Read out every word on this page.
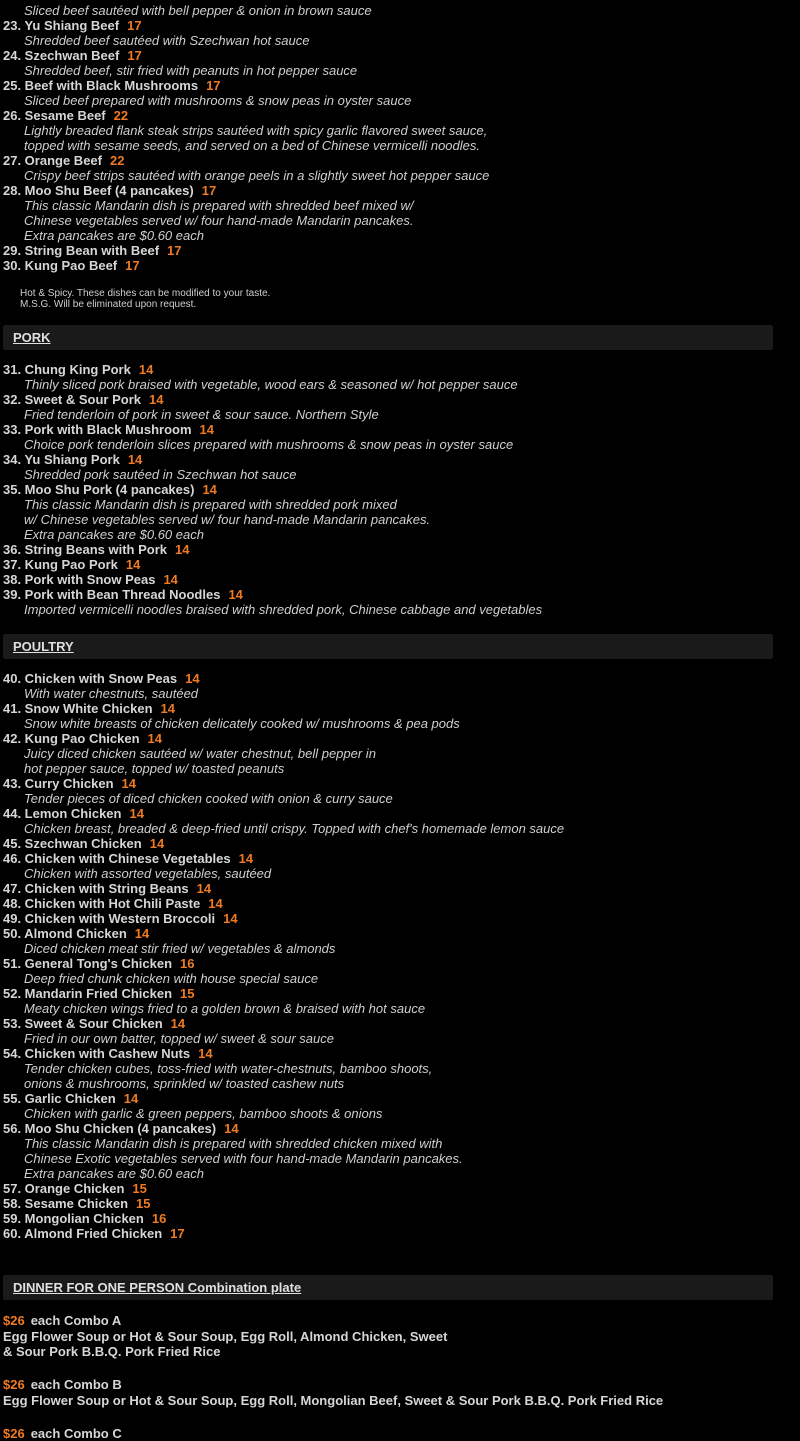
Sliced beef sautéed with bell pepper & onion in brown sauce
23. Yu Shiang Beef 17
Shredded beef sautéed with Szechwan hot sauce
24. Szechwan Beef 17
Shredded beef, stir fried with peanuts in hot pepper sauce
25. Beef with Black Mushrooms 17
Sliced beef prepared with mushrooms & snow peas in oyster sauce
26. Sesame Beef 22
Lightly breaded flank steak strips sautéed with spicy garlic flavored sweet sauce,
topped with sesame seeds, and served on a bed of Chinese vermicelli noodles.
27. Orange Beef 22
Crispy beef strips sautéed with orange peels in a slightly sweet hot pepper sauce
28. Moo Shu Beef (4 pancakes) 17
This classic Mandarin dish is prepared with shredded beef mixed w/
Chinese vegetables served w/ four hand-made Mandarin pancakes.
Extra pancakes are $0.60 each
29. String Bean with Beef 17
30. Kung Pao Beef 17
Hot & Spicy. These dishes can be modified to your taste.
M.S.G. Will be eliminated upon request.
PORK
31. Chung King Pork 14
Thinly sliced pork braised with vegetable, wood ears & seasoned w/ hot pepper sauce
32. Sweet & Sour Pork 14
Fried tenderloin of pork in sweet & sour sauce. Northern Style
33. Pork with Black Mushroom 14
Choice pork tenderloin slices prepared with mushrooms & snow peas in oyster sauce
34. Yu Shiang Pork 14
Shredded pork sautéed in Szechwan hot sauce
35. Moo Shu Pork (4 pancakes) 14
This classic Mandarin dish is prepared with shredded pork mixed
w/ Chinese vegetables served w/ four hand-made Mandarin pancakes.
Extra pancakes are $0.60 each
36. String Beans with Pork 14
37. Kung Pao Pork 14
38. Pork with Snow Peas 14
39. Pork with Bean Thread Noodles 14
Imported vermicelli noodles braised with shredded pork, Chinese cabbage and vegetables
POULTRY
40. Chicken with Snow Peas 14
With water chestnuts, sautéed
41. Snow White Chicken 14
Snow white breasts of chicken delicately cooked w/ mushrooms & pea pods
42. Kung Pao Chicken 14
Juicy diced chicken sautéed w/ water chestnut, bell pepper in
hot pepper sauce, topped w/ toasted peanuts
43. Curry Chicken 14
Tender pieces of diced chicken cooked with onion & curry sauce
44. Lemon Chicken 14
Chicken breast, breaded & deep-fried until crispy. Topped with chef's homemade lemon sauce
45. Szechwan Chicken 14
46. Chicken with Chinese Vegetables 14
Chicken with assorted vegetables, sautéed
47. Chicken with String Beans 14
48. Chicken with Hot Chili Paste 14
49. Chicken with Western Broccoli 14
50. Almond Chicken 14
Diced chicken meat stir fried w/ vegetables & almonds
51. General Tong's Chicken 16
Deep fried chunk chicken with house special sauce
52. Mandarin Fried Chicken 15
Meaty chicken wings fried to a golden brown & braised with hot sauce
53. Sweet & Sour Chicken 14
Fried in our own batter, topped w/ sweet & sour sauce
54. Chicken with Cashew Nuts 14
Tender chicken cubes, toss-fried with water-chestnuts, bamboo shoots,
onions & mushrooms, sprinkled w/ toasted cashew nuts
55. Garlic Chicken 14
Chicken with garlic & green peppers, bamboo shoots & onions
56. Moo Shu Chicken (4 pancakes) 14
This classic Mandarin dish is prepared with shredded chicken mixed with
Chinese Exotic vegetables served with four hand-made Mandarin pancakes.
Extra pancakes are $0.60 each
57. Orange Chicken 15
58. Sesame Chicken 15
59. Mongolian Chicken 16
60. Almond Fried Chicken 17
DINNER FOR ONE PERSON Combination plate
$26 each Combo A
Egg Flower Soup or Hot & Sour Soup, Egg Roll, Almond Chicken, Sweet
& Sour Pork B.B.Q. Pork Fried Rice
$26 each Combo B
Egg Flower Soup or Hot & Sour Soup, Egg Roll, Mongolian Beef, Sweet & Sour Pork B.B.Q. Pork Fried Rice
$26 each Combo C
